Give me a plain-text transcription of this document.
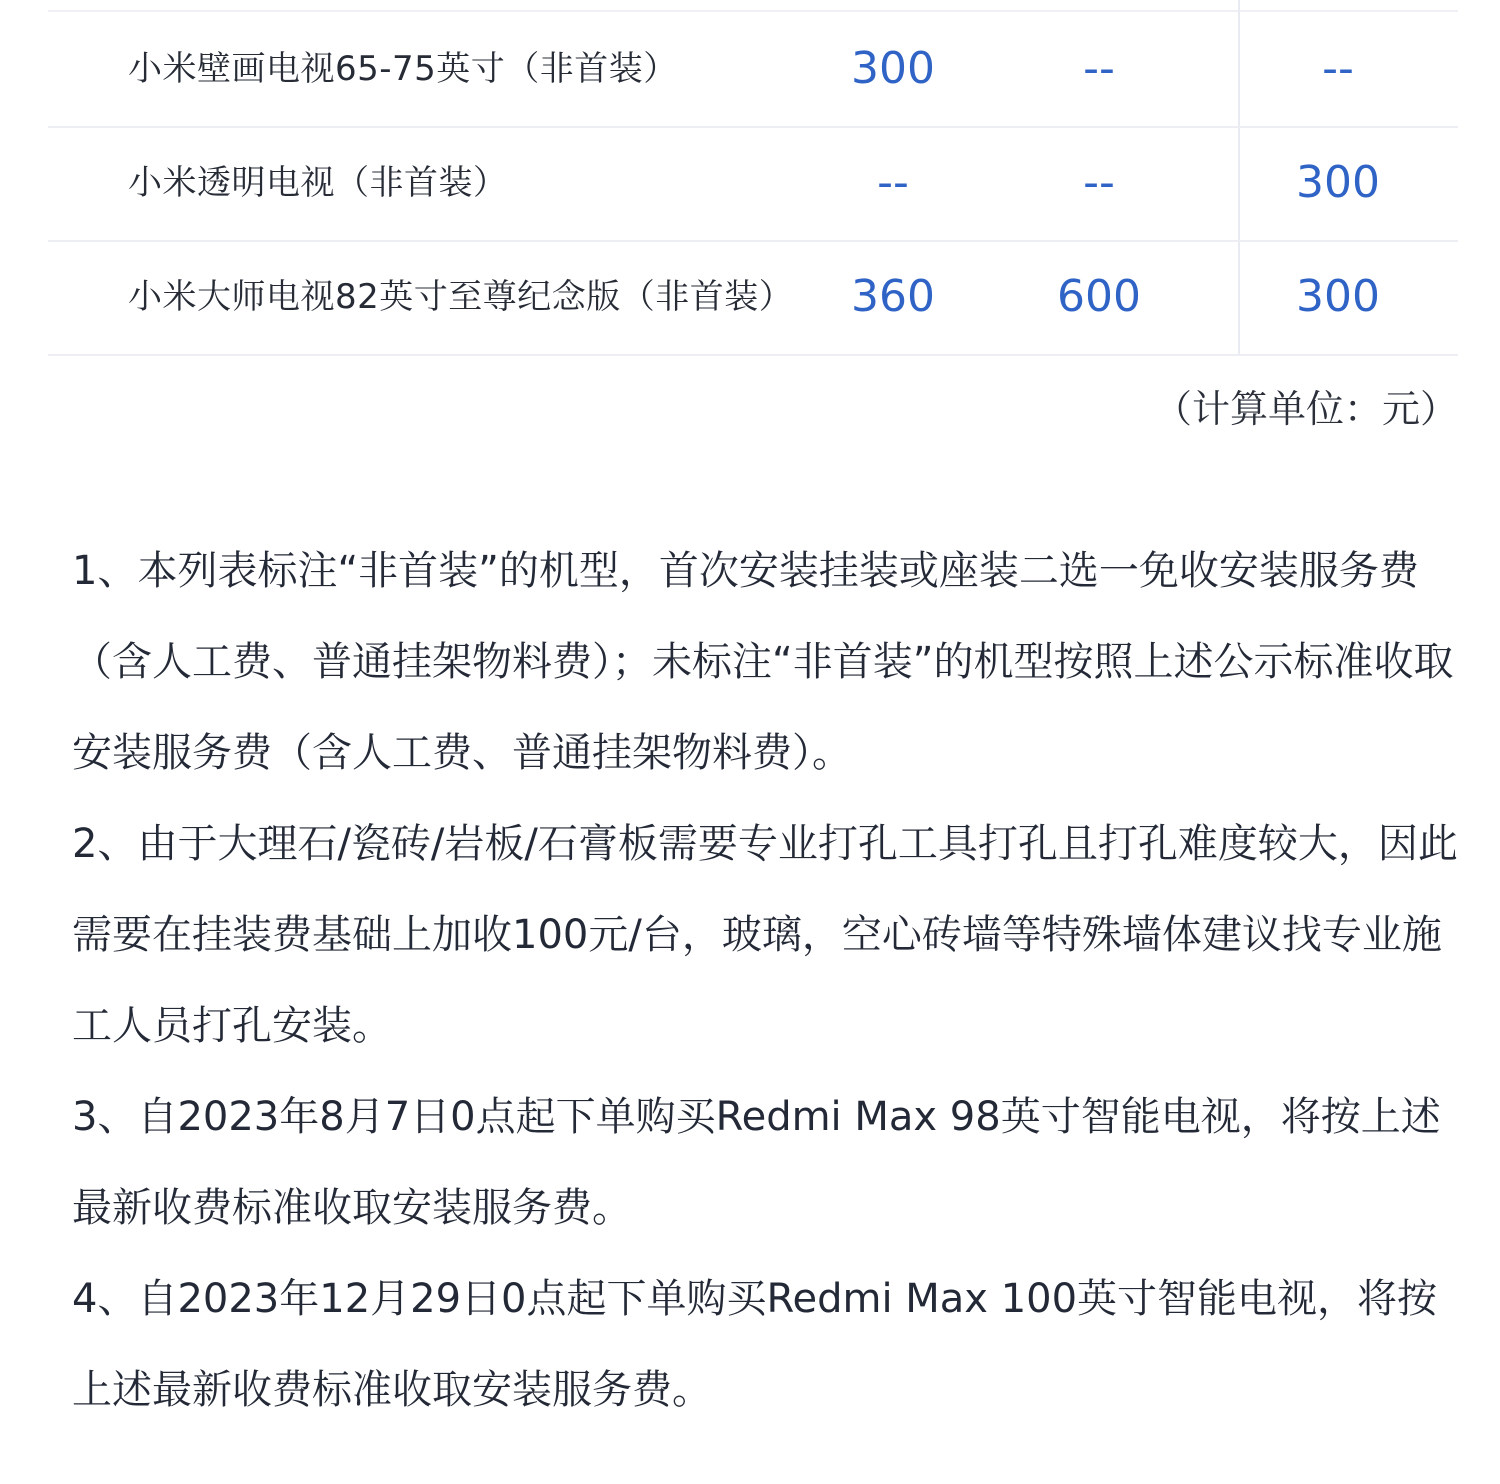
小米壁画电视65-75英寸（非首装）	300	--	--
小米透明电视（非首装）	--	--	300
小米大师电视82英寸至尊纪念版（非首装）	360	600	300
（计算单位：元）

1、本列表标注“非首装”的机型，首次安装挂装或座装二选一免收安装服务费（含人工费、普通挂架物料费）；未标注“非首装”的机型按照上述公示标准收取安装服务费（含人工费、普通挂架物料费）。

2、由于大理石/瓷砖/岩板/石膏板需要专业打孔工具打孔且打孔难度较大，因此需要在挂装费基础上加收100元/台，玻璃，空心砖墙等特殊墙体建议找专业施工人员打孔安装。

3、自2023年8月7日0点起下单购买Redmi Max 98英寸智能电视，将按上述最新收费标准收取安装服务费。

4、自2023年12月29日0点起下单购买Redmi Max 100英寸智能电视，将按上述最新收费标准收取安装服务费。
